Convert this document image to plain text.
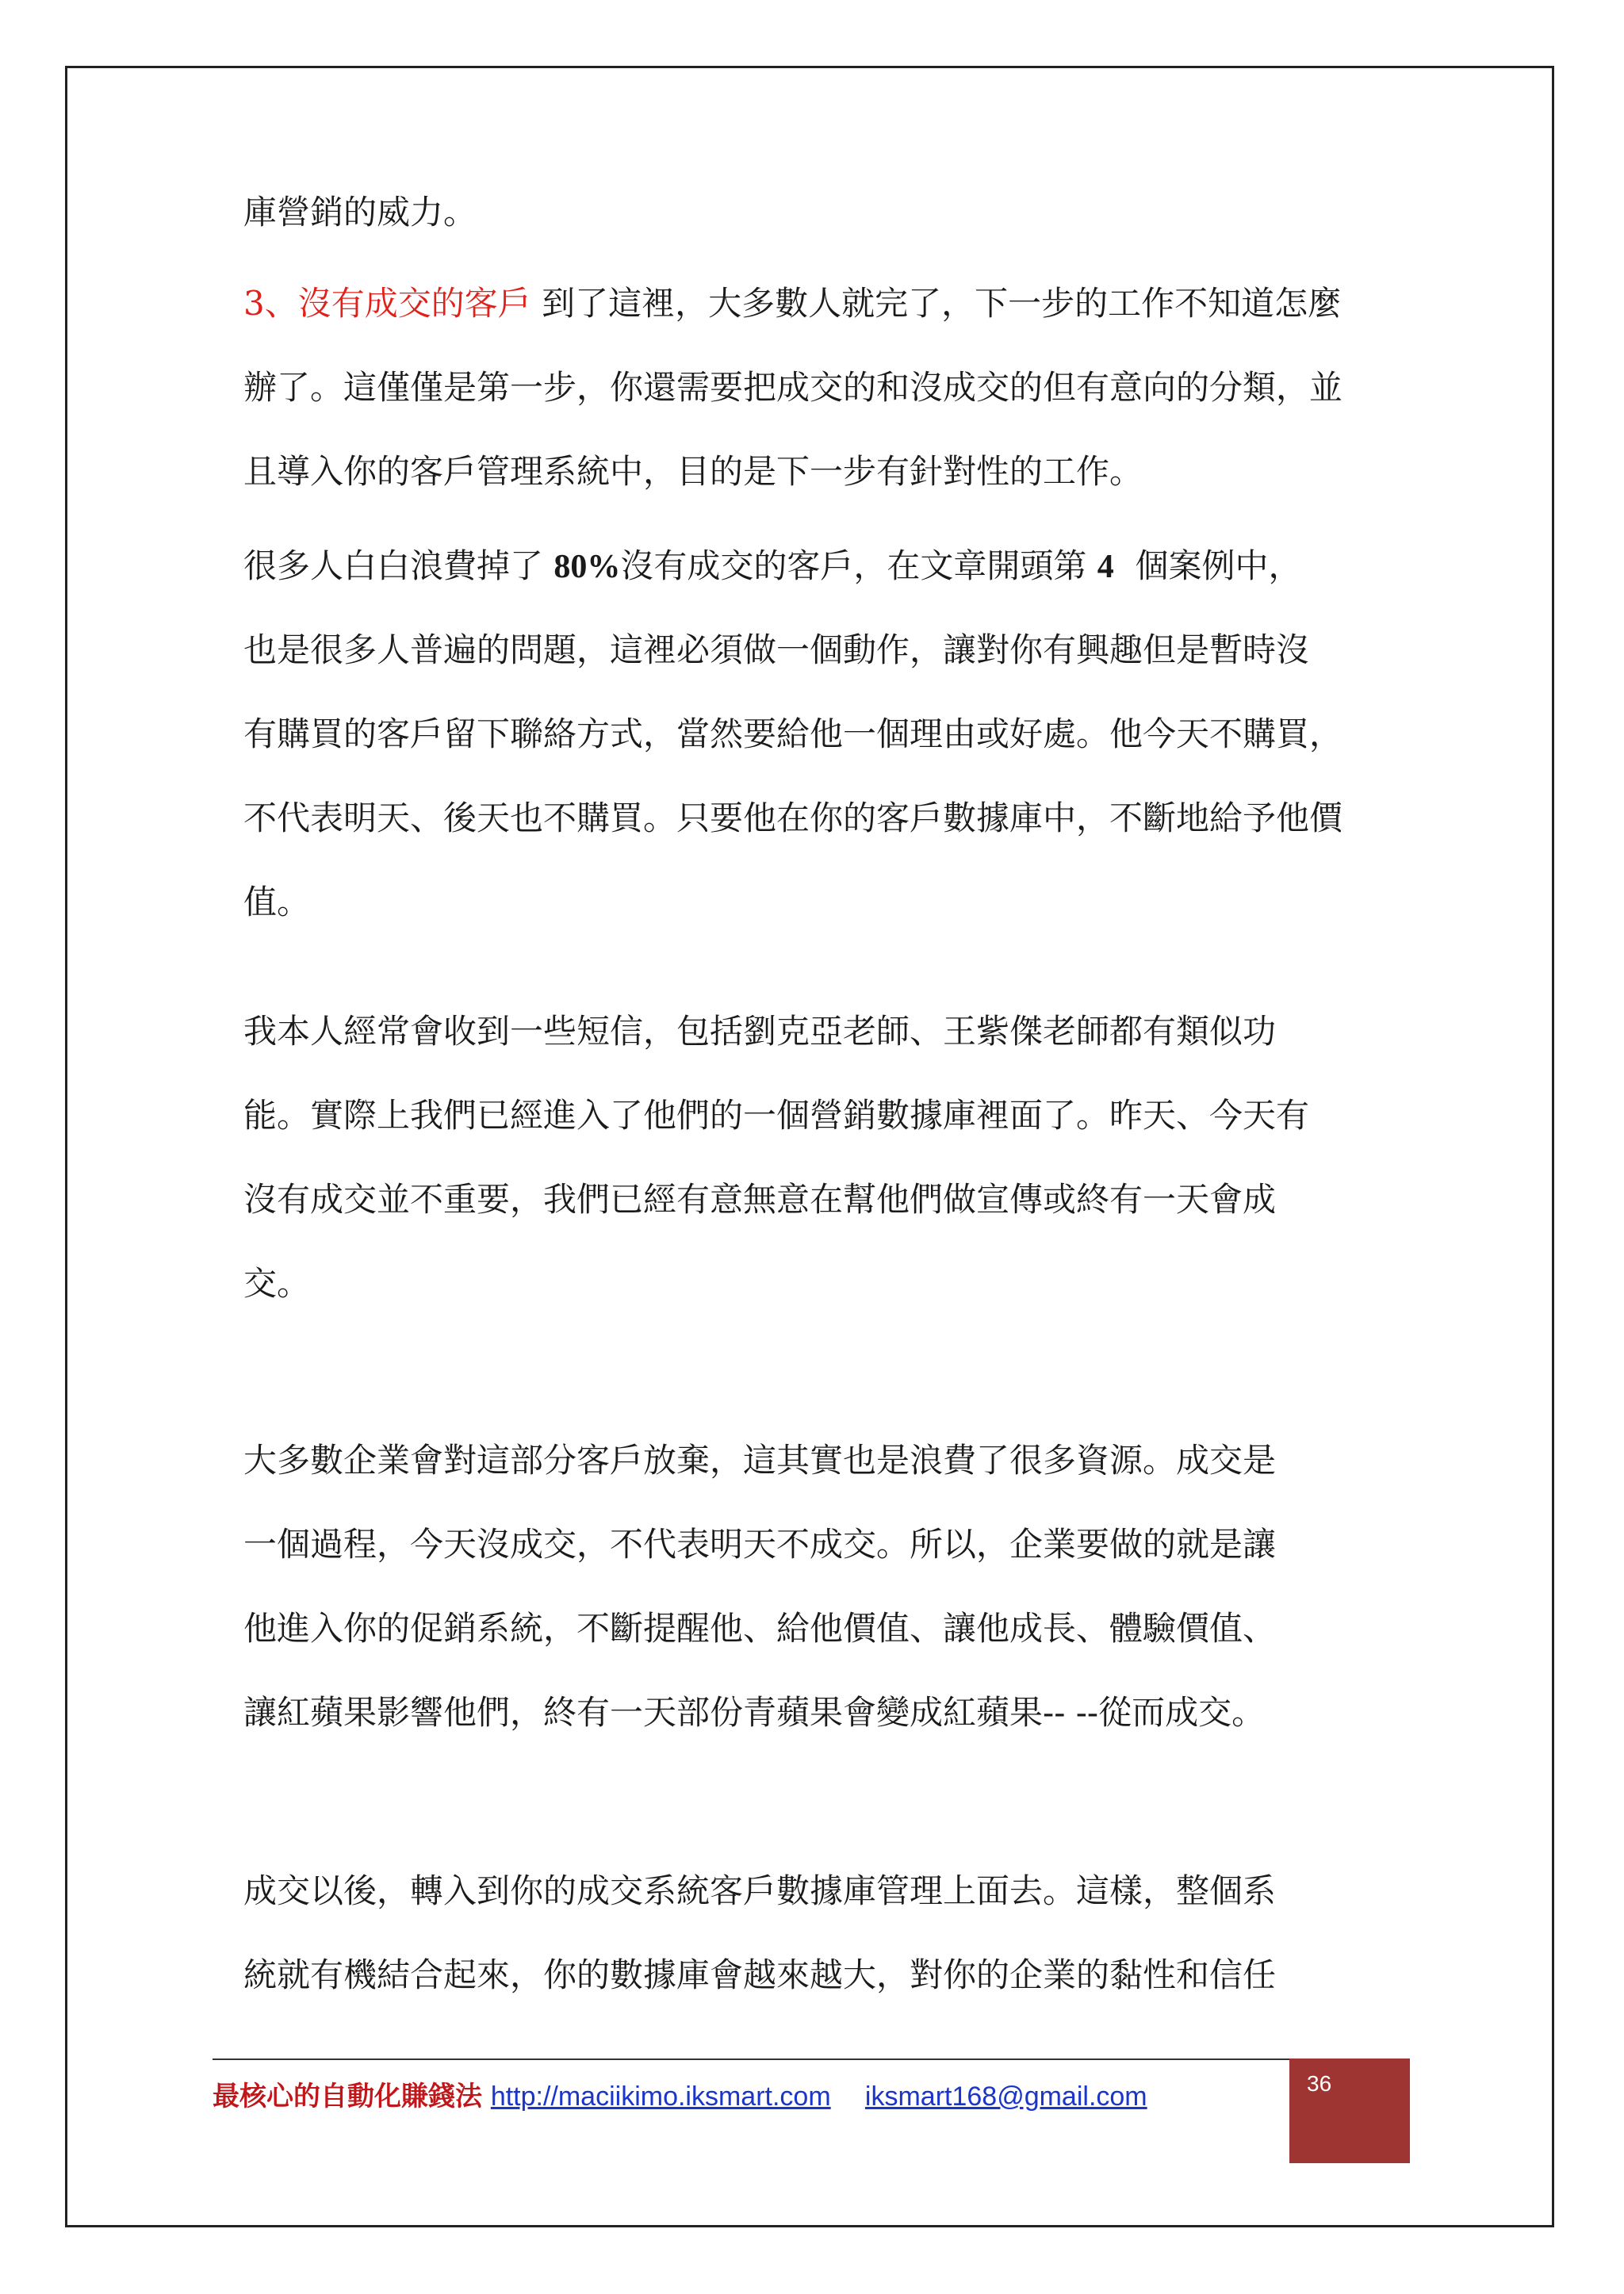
庫營銷的威力。
3、沒有成交的客戶 到了這裡，大多數人就完了，下一步的工作不知道怎麼
辦了。這僅僅是第一步，你還需要把成交的和沒成交的但有意向的分類，並
且導入你的客戶管理系統中，目的是下一步有針對性的工作。
很多人白白浪費掉了 80%沒有成交的客戶，在文章開頭第 4 個案例中，
也是很多人普遍的問題，這裡必須做一個動作，讓對你有興趣但是暫時沒
有購買的客戶留下聯絡方式，當然要給他一個理由或好處。他今天不購買，
不代表明天、後天也不購買。只要他在你的客戶數據庫中，不斷地給予他價
值。
我本人經常會收到一些短信，包括劉克亞老師、王紫傑老師都有類似功
能。實際上我們已經進入了他們的一個營銷數據庫裡面了。昨天、今天有
沒有成交並不重要，我們已經有意無意在幫他們做宣傳或終有一天會成
交。
大多數企業會對這部分客戶放棄，這其實也是浪費了很多資源。成交是
一個過程，今天沒成交，不代表明天不成交。所以，企業要做的就是讓
他進入你的促銷系統，不斷提醒他、給他價值、讓他成長、體驗價值、
讓紅蘋果影響他們，終有一天部份青蘋果會變成紅蘋果-- --從而成交。
成交以後，轉入到你的成交系統客戶數據庫管理上面去。這樣，整個系
統就有機結合起來，你的數據庫會越來越大，對你的企業的黏性和信任
最核心的自動化賺錢法 http://maciikimo.iksmart.com iksmart168@gmail.com	36
